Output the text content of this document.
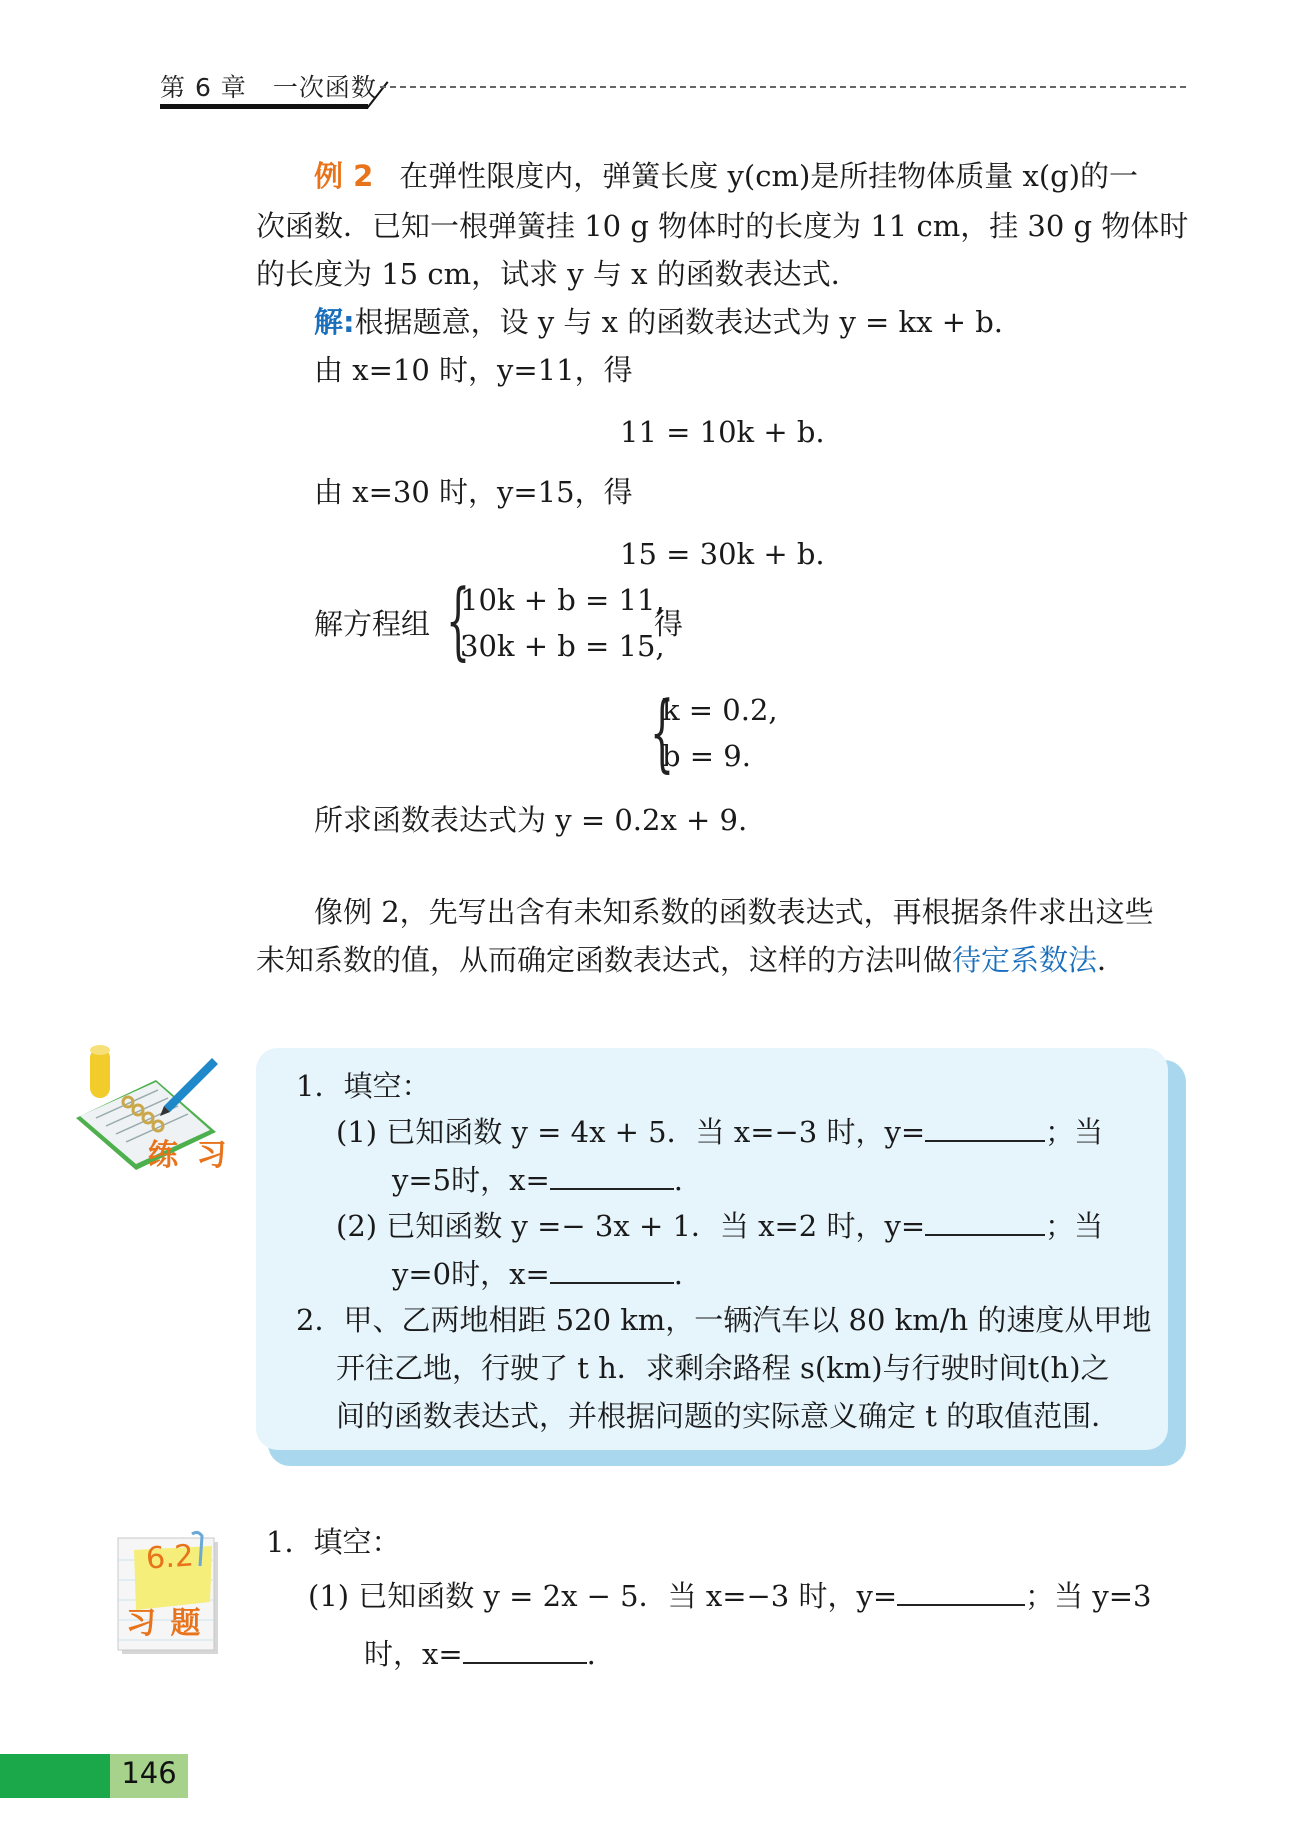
第 6 章 一次函数
例 2 在弹性限度内，弹簧长度 y(cm)是所挂物体质量 x(g)的一
次函数．已知一根弹簧挂 10 g 物体时的长度为 11 cm，挂 30 g 物体时
的长度为 15 cm，试求 y 与 x 的函数表达式．
解:根据题意，设 y 与 x 的函数表达式为 y = kx + b.
由 x=10 时，y=11，得
11 = 10k + b.
由 x=30 时，y=15，得
15 = 30k + b.
解方程组 {
10k + b = 11,
30k + b = 15,
得
{
k = 0.2,
b = 9.
所求函数表达式为 y = 0.2x + 9.
像例 2，先写出含有未知系数的函数表达式，再根据条件求出这些
未知系数的值，从而确定函数表达式，这样的方法叫做待定系数法．
练 习
1．填空：
(1) 已知函数 y = 4x + 5．当 x=−3 时，y=	；当
y=5时，x=	.
(2) 已知函数 y =− 3x + 1．当 x=2 时，y=	；当
y=0时，x=	.
2．甲、乙两地相距 520 km，一辆汽车以 80 km/h 的速度从甲地
开往乙地，行驶了 t h．求剩余路程 s(km)与行驶时间t(h)之
间的函数表达式，并根据问题的实际意义确定 t 的取值范围．
6.2
习 题
1．填空：
(1) 已知函数 y = 2x − 5．当 x=−3 时，y=	；当 y=3
时，x=	.
146
